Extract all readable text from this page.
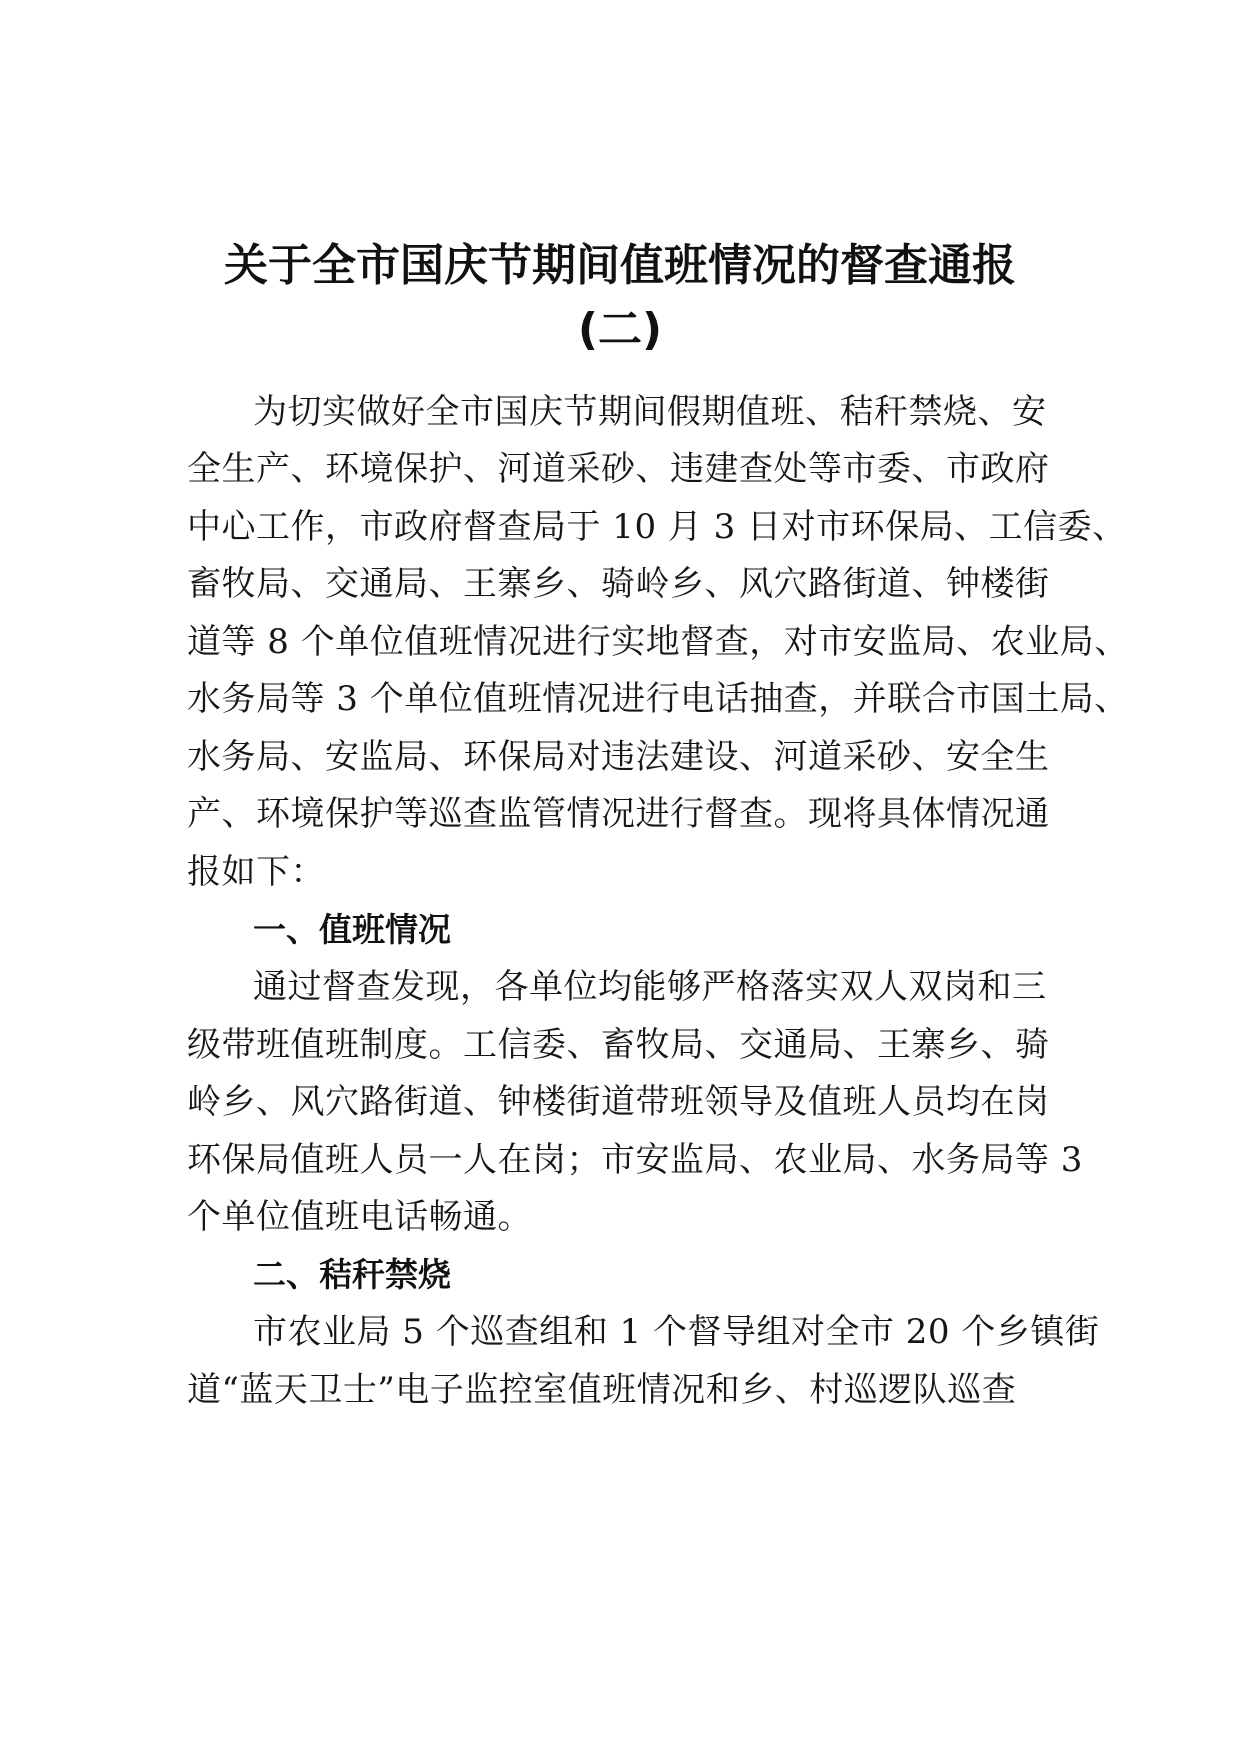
关于全市国庆节期间值班情况的督查通报
(二)
为切实做好全市国庆节期间假期值班、秸秆禁烧、安
全生产、环境保护、河道采砂、违建查处等市委、市政府
中心工作，市政府督查局于 10 月 3 日对市环保局、工信委、
畜牧局、交通局、王寨乡、骑岭乡、风穴路街道、钟楼街
道等 8 个单位值班情况进行实地督查，对市安监局、农业局、
水务局等 3 个单位值班情况进行电话抽查，并联合市国土局、
水务局、安监局、环保局对违法建设、河道采砂、安全生
产、环境保护等巡查监管情况进行督查。现将具体情况通
报如下：
一、值班情况
通过督查发现，各单位均能够严格落实双人双岗和三
级带班值班制度。工信委、畜牧局、交通局、王寨乡、骑
岭乡、风穴路街道、钟楼街道带班领导及值班人员均在岗
环保局值班人员一人在岗；市安监局、农业局、水务局等 3
个单位值班电话畅通。
二、秸秆禁烧
市农业局 5 个巡查组和 1 个督导组对全市 20 个乡镇街
道“蓝天卫士”电子监控室值班情况和乡、村巡逻队巡查
